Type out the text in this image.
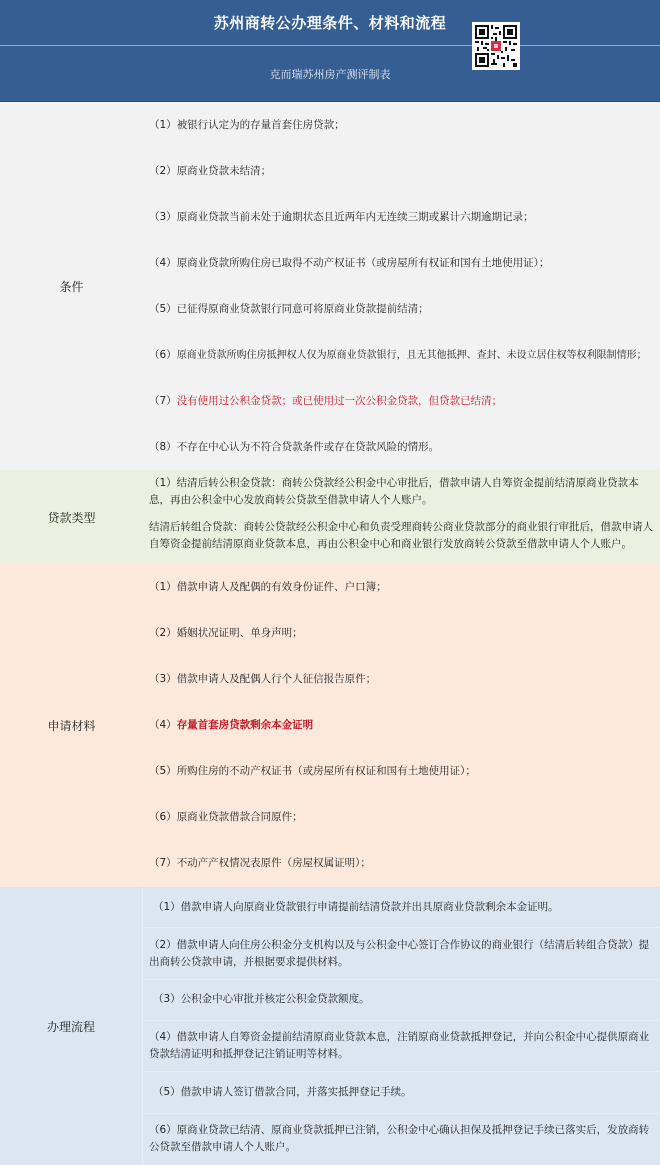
苏州商转公办理条件、材料和流程
克而瑞苏州房产测评制表
条件
（1） 被银行认定为的存量首套住房贷款；
（2） 原商业贷款未结清；
（3） 原商业贷款当前未处于逾期状态且近两年内无连续三期或累计六期逾期记录；
（4） 原商业贷款所购住房已取得不动产权证书（或房屋所有权证和国有土地使用证）；
（5） 已征得原商业贷款银行同意可将原商业贷款提前结清；
（6） 原商业贷款所购住房抵押权人仅为原商业贷款银行，且无其他抵押、查封、未设立居住权等权利限制情形；
（7） 没有使用过公积金贷款；或已使用过一次公积金贷款，但贷款已结清；
（8） 不存在中心认为不符合贷款条件或存在贷款风险的情形。
贷款类型
（1）结清后转公积金贷款：商转公贷款经公积金中心审批后，借款申请人自筹资金提前结清原商业贷款本息，再由公积金中心发放商转公贷款至借款申请人个人账户。
结清后转组合贷款：商转公贷款经公积金中心和负责受理商转公商业贷款部分的商业银行审批后，借款申请人自筹资金提前结清原商业贷款本息，再由公积金中心和商业银行发放商转公贷款至借款申请人个人账户。
申请材料
（1） 借款申请人及配偶的有效身份证件、户口簿；
（2） 婚姻状况证明、单身声明；
（3） 借款申请人及配偶人行个人征信报告原件；
（4） 存量首套房贷款剩余本金证明
（5） 所购住房的不动产权证书（或房屋所有权证和国有土地使用证）；
（6） 原商业贷款借款合同原件；
（7） 不动产产权情况表原件（房屋权属证明）；
办理流程
（1）借款申请人向原商业贷款银行申请提前结清贷款并出具原商业贷款剩余本金证明。
（2）借款申请人向住房公积金分支机构以及与公积金中心签订合作协议的商业银行（结清后转组合贷款）提出商转公贷款申请，并根据要求提供材料。
（3）公积金中心审批并核定公积金贷款额度。
（4）借款申请人自筹资金提前结清原商业贷款本息，注销原商业贷款抵押登记，并向公积金中心提供原商业贷款结清证明和抵押登记注销证明等材料。
（5）借款申请人签订借款合同，并落实抵押登记手续。
（6）原商业贷款已结清、原商业贷款抵押已注销，公积金中心确认担保及抵押登记手续已落实后，发放商转公贷款至借款申请人个人账户。
